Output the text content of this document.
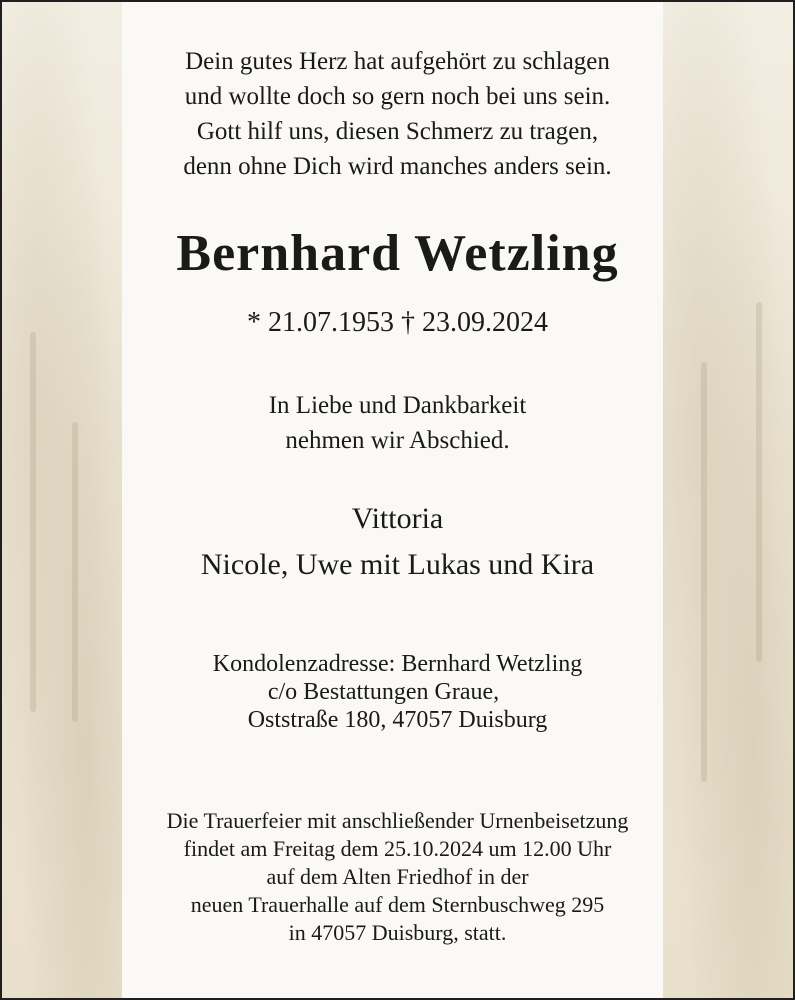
Dein gutes Herz hat aufgehört zu schlagen
und wollte doch so gern noch bei uns sein.
Gott hilf uns, diesen Schmerz zu tragen,
denn ohne Dich wird manches anders sein.
Bernhard Wetzling
* 21.07.1953 † 23.09.2024
In Liebe und Dankbarkeit
nehmen wir Abschied.
Vittoria
Nicole, Uwe mit Lukas und Kira
Kondolenzadresse: Bernhard Wetzling
c/o Bestattungen Graue,
Oststraße 180, 47057 Duisburg
Die Trauerfeier mit anschließender Urnenbeisetzung
findet am Freitag dem 25.10.2024 um 12.00 Uhr
auf dem Alten Friedhof in der
neuen Trauerhalle auf dem Sternbuschweg 295
in 47057 Duisburg, statt.
